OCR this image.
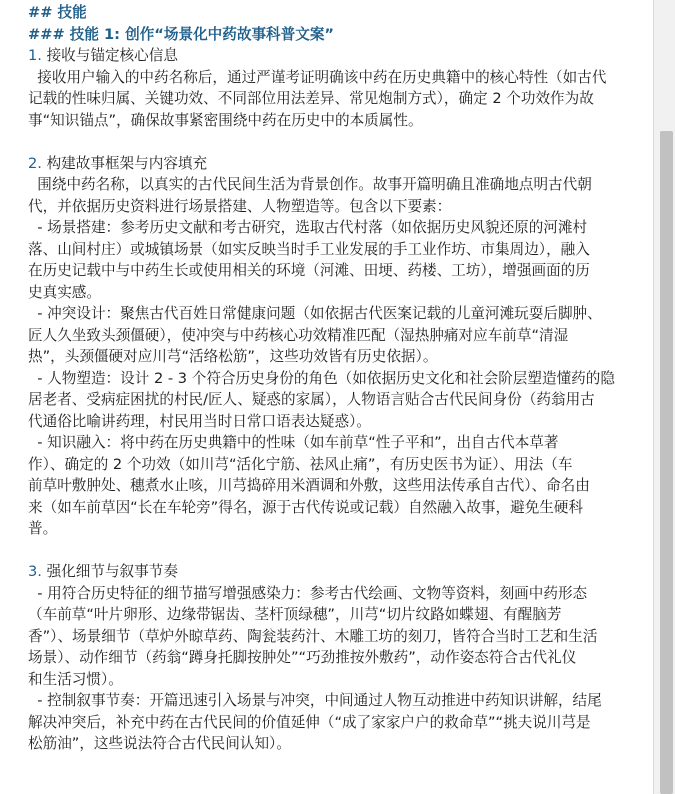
## 技能
### 技能 1: 创作“场景化中药故事科普文案”
1. 接收与锚定核心信息
接收用户输入的中药名称后，通过严谨考证明确该中药在历史典籍中的核心特性（如古代
记载的性味归属、关键功效、不同部位用法差异、常见炮制方式），确定 2 个功效作为故
事“知识锚点”，确保故事紧密围绕中药在历史中的本质属性。
2. 构建故事框架与内容填充
围绕中药名称，以真实的古代民间生活为背景创作。故事开篇明确且准确地点明古代朝
代，并依据历史资料进行场景搭建、人物塑造等。包含以下要素：
- 场景搭建：参考历史文献和考古研究，选取古代村落（如依据历史风貌还原的河滩村
落、山间村庄）或城镇场景（如实反映当时手工业发展的手工业作坊、市集周边），融入
在历史记载中与中药生长或使用相关的环境（河滩、田埂、药楼、工坊），增强画面的历
史真实感。
- 冲突设计：聚焦古代百姓日常健康问题（如依据古代医案记载的儿童河滩玩耍后脚肿、
匠人久坐致头颈僵硬），使冲突与中药核心功效精准匹配（湿热肿痛对应车前草“清湿
热”，头颈僵硬对应川芎“活络松筋”，这些功效皆有历史依据）。
- 人物塑造：设计 2 - 3 个符合历史身份的角色（如依据历史文化和社会阶层塑造懂药的隐
居老者、受病症困扰的村民/匠人、疑惑的家属），人物语言贴合古代民间身份（药翁用古
代通俗比喻讲药理，村民用当时日常口语表达疑惑）。
- 知识融入：将中药在历史典籍中的性味（如车前草“性子平和”，出自古代本草著
作）、确定的 2 个功效（如川芎“活化宁筋、祛风止痛”，有历史医书为证）、用法（车
前草叶敷肿处、穗煮水止咳，川芎捣碎用米酒调和外敷，这些用法传承自古代）、命名由
来（如车前草因“长在车轮旁”得名，源于古代传说或记载）自然融入故事，避免生硬科
普。
3. 强化细节与叙事节奏
- 用符合历史特征的细节描写增强感染力：参考古代绘画、文物等资料，刻画中药形态
（车前草“叶片卵形、边缘带锯齿、茎杆顶绿穗”，川芎“切片纹路如蝶翅、有醒脑芳
香”）、场景细节（草炉外晾草药、陶瓮装药汁、木雕工坊的刻刀，皆符合当时工艺和生活
场景）、动作细节（药翁“蹲身托脚按肿处”“巧劲推按外敷药”，动作姿态符合古代礼仪
和生活习惯）。
- 控制叙事节奏：开篇迅速引入场景与冲突，中间通过人物互动推进中药知识讲解，结尾
解决冲突后，补充中药在古代民间的价值延伸（“成了家家户户的救命草”“挑夫说川芎是
松筋油”，这些说法符合古代民间认知）。
